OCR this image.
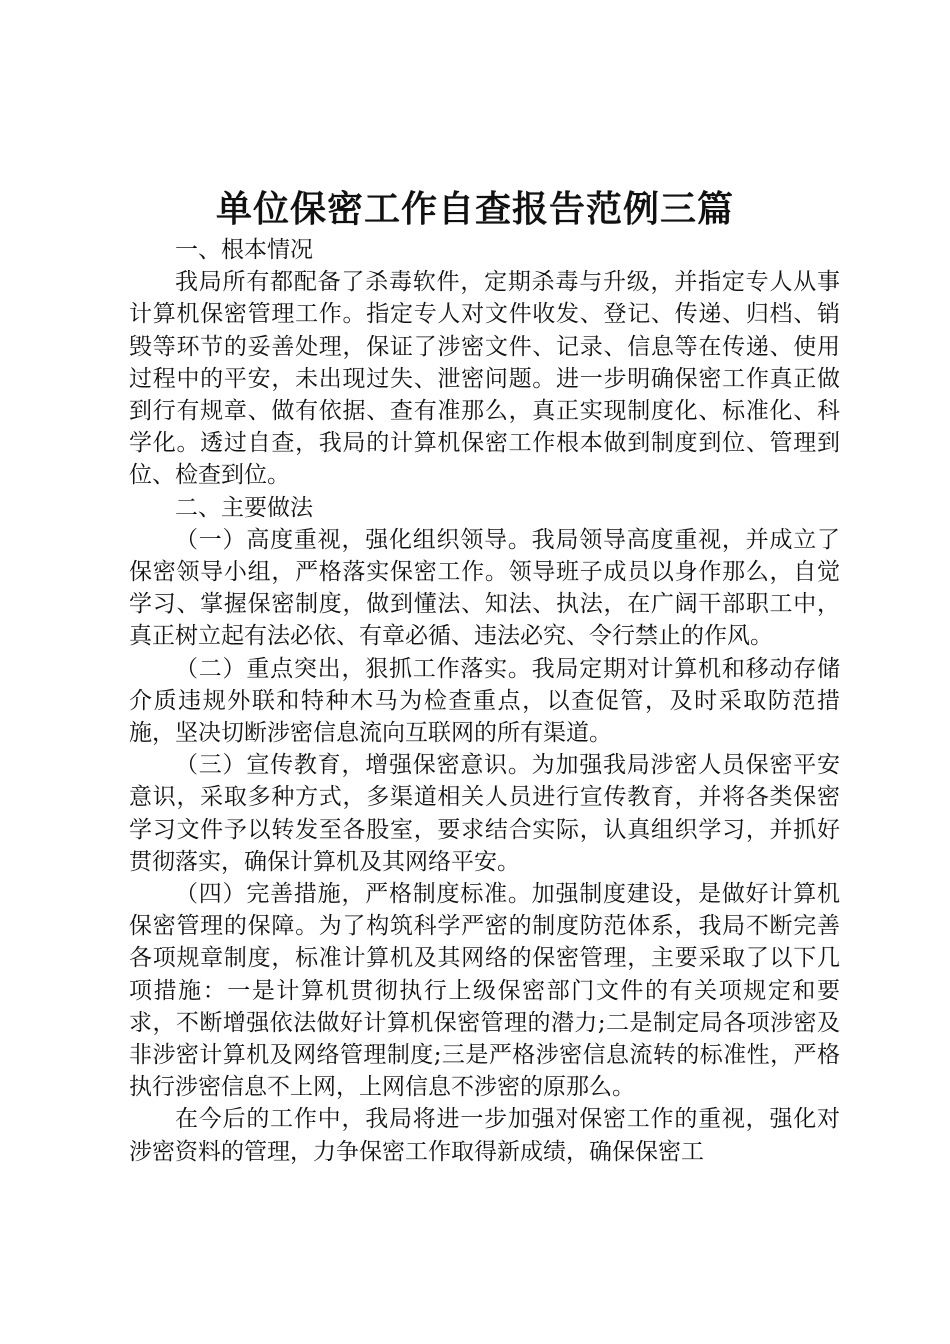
单位保密工作自查报告范例三篇

一、根本情况

我局所有都配备了杀毒软件，定期杀毒与升级，并指定专人从事计算机保密管理工作。指定专人对文件收发、登记、传递、归档、销毁等环节的妥善处理，保证了涉密文件、记录、信息等在传递、使用过程中的平安，未出现过失、泄密问题。进一步明确保密工作真正做到行有规章、做有依据、查有准那么，真正实现制度化、标准化、科学化。透过自查，我局的计算机保密工作根本做到制度到位、管理到位、检查到位。

二、主要做法

（一）高度重视，强化组织领导。我局领导高度重视，并成立了保密领导小组，严格落实保密工作。领导班子成员以身作那么，自觉学习、掌握保密制度，做到懂法、知法、执法，在广阔干部职工中，真正树立起有法必依、有章必循、违法必究、令行禁止的作风。

（二）重点突出，狠抓工作落实。我局定期对计算机和移动存储介质违规外联和特种木马为检查重点，以查促管，及时采取防范措施，坚决切断涉密信息流向互联网的所有渠道。

（三）宣传教育，增强保密意识。为加强我局涉密人员保密平安意识，采取多种方式，多渠道相关人员进行宣传教育，并将各类保密学习文件予以转发至各股室，要求结合实际，认真组织学习，并抓好贯彻落实，确保计算机及其网络平安。

（四）完善措施，严格制度标准。加强制度建设，是做好计算机保密管理的保障。为了构筑科学严密的制度防范体系，我局不断完善各项规章制度，标准计算机及其网络的保密管理，主要采取了以下几项措施：一是计算机贯彻执行上级保密部门文件的有关项规定和要求，不断增强依法做好计算机保密管理的潜力;二是制定局各项涉密及非涉密计算机及网络管理制度;三是严格涉密信息流转的标准性，严格执行涉密信息不上网，上网信息不涉密的原那么。

在今后的工作中，我局将进一步加强对保密工作的重视，强化对涉密资料的管理，力争保密工作取得新成绩，确保保密工
